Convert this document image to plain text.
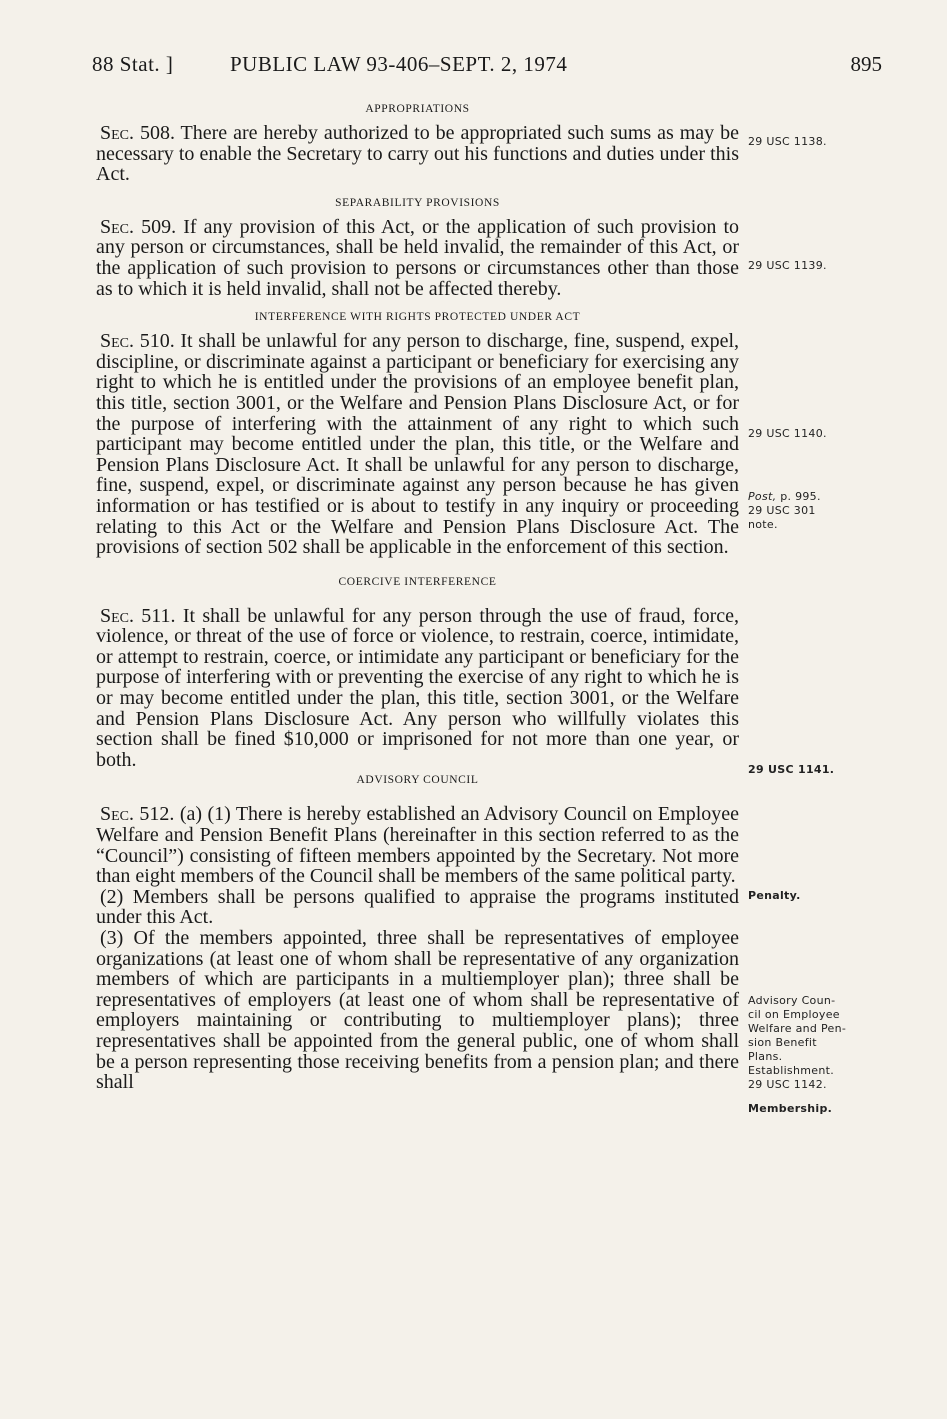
88 Stat. ]	PUBLIC LAW 93-406–SEPT. 2, 1974	895
APPROPRIATIONS

Sec. 508. There are hereby authorized to be appropriated such sums as may be necessary to enable the Secretary to carry out his functions and duties under this Act.

SEPARABILITY PROVISIONS

Sec. 509. If any provision of this Act, or the application of such provision to any person or circumstances, shall be held invalid, the remainder of this Act, or the application of such provision to persons or circumstances other than those as to which it is held invalid, shall not be affected thereby.

INTERFERENCE WITH RIGHTS PROTECTED UNDER ACT

Sec. 510. It shall be unlawful for any person to discharge, fine, suspend, expel, discipline, or discriminate against a participant or beneficiary for exercising any right to which he is entitled under the provisions of an employee benefit plan, this title, section 3001, or the Welfare and Pension Plans Disclosure Act, or for the purpose of interfering with the attainment of any right to which such participant may become entitled under the plan, this title, or the Welfare and Pension Plans Disclosure Act. It shall be unlawful for any person to discharge, fine, suspend, expel, or discriminate against any person because he has given information or has testified or is about to testify in any inquiry or proceeding relating to this Act or the Welfare and Pension Plans Disclosure Act. The provisions of section 502 shall be applicable in the enforcement of this section.

COERCIVE INTERFERENCE

Sec. 511. It shall be unlawful for any person through the use of fraud, force, violence, or threat of the use of force or violence, to restrain, coerce, intimidate, or attempt to restrain, coerce, or intimidate any participant or beneficiary for the purpose of interfering with or preventing the exercise of any right to which he is or may become entitled under the plan, this title, section 3001, or the Welfare and Pension Plans Disclosure Act. Any person who willfully violates this section shall be fined $10,000 or imprisoned for not more than one year, or both.

ADVISORY COUNCIL

Sec. 512. (a) (1) There is hereby established an Advisory Council on Employee Welfare and Pension Benefit Plans (hereinafter in this section referred to as the “Council”) consisting of fifteen members appointed by the Secretary. Not more than eight members of the Council shall be members of the same political party.

(2) Members shall be persons qualified to appraise the programs instituted under this Act.

(3) Of the members appointed, three shall be representatives of employee organizations (at least one of whom shall be representative of any organization members of which are participants in a multiemployer plan); three shall be representatives of employers (at least one of whom shall be representative of employers maintaining or contributing to multiemployer plans); three representatives shall be appointed from the general public, one of whom shall be a person representing those receiving benefits from a pension plan; and there shall

29 USC 1138.
29 USC 1139.
29 USC 1140.
Post, p. 995.
29 USC 301
note.
29 USC 1141.
Penalty.
Advisory Coun-
cil on Employee
Welfare and Pen-
sion Benefit
Plans.
Establishment.
29 USC 1142.
Membership.
